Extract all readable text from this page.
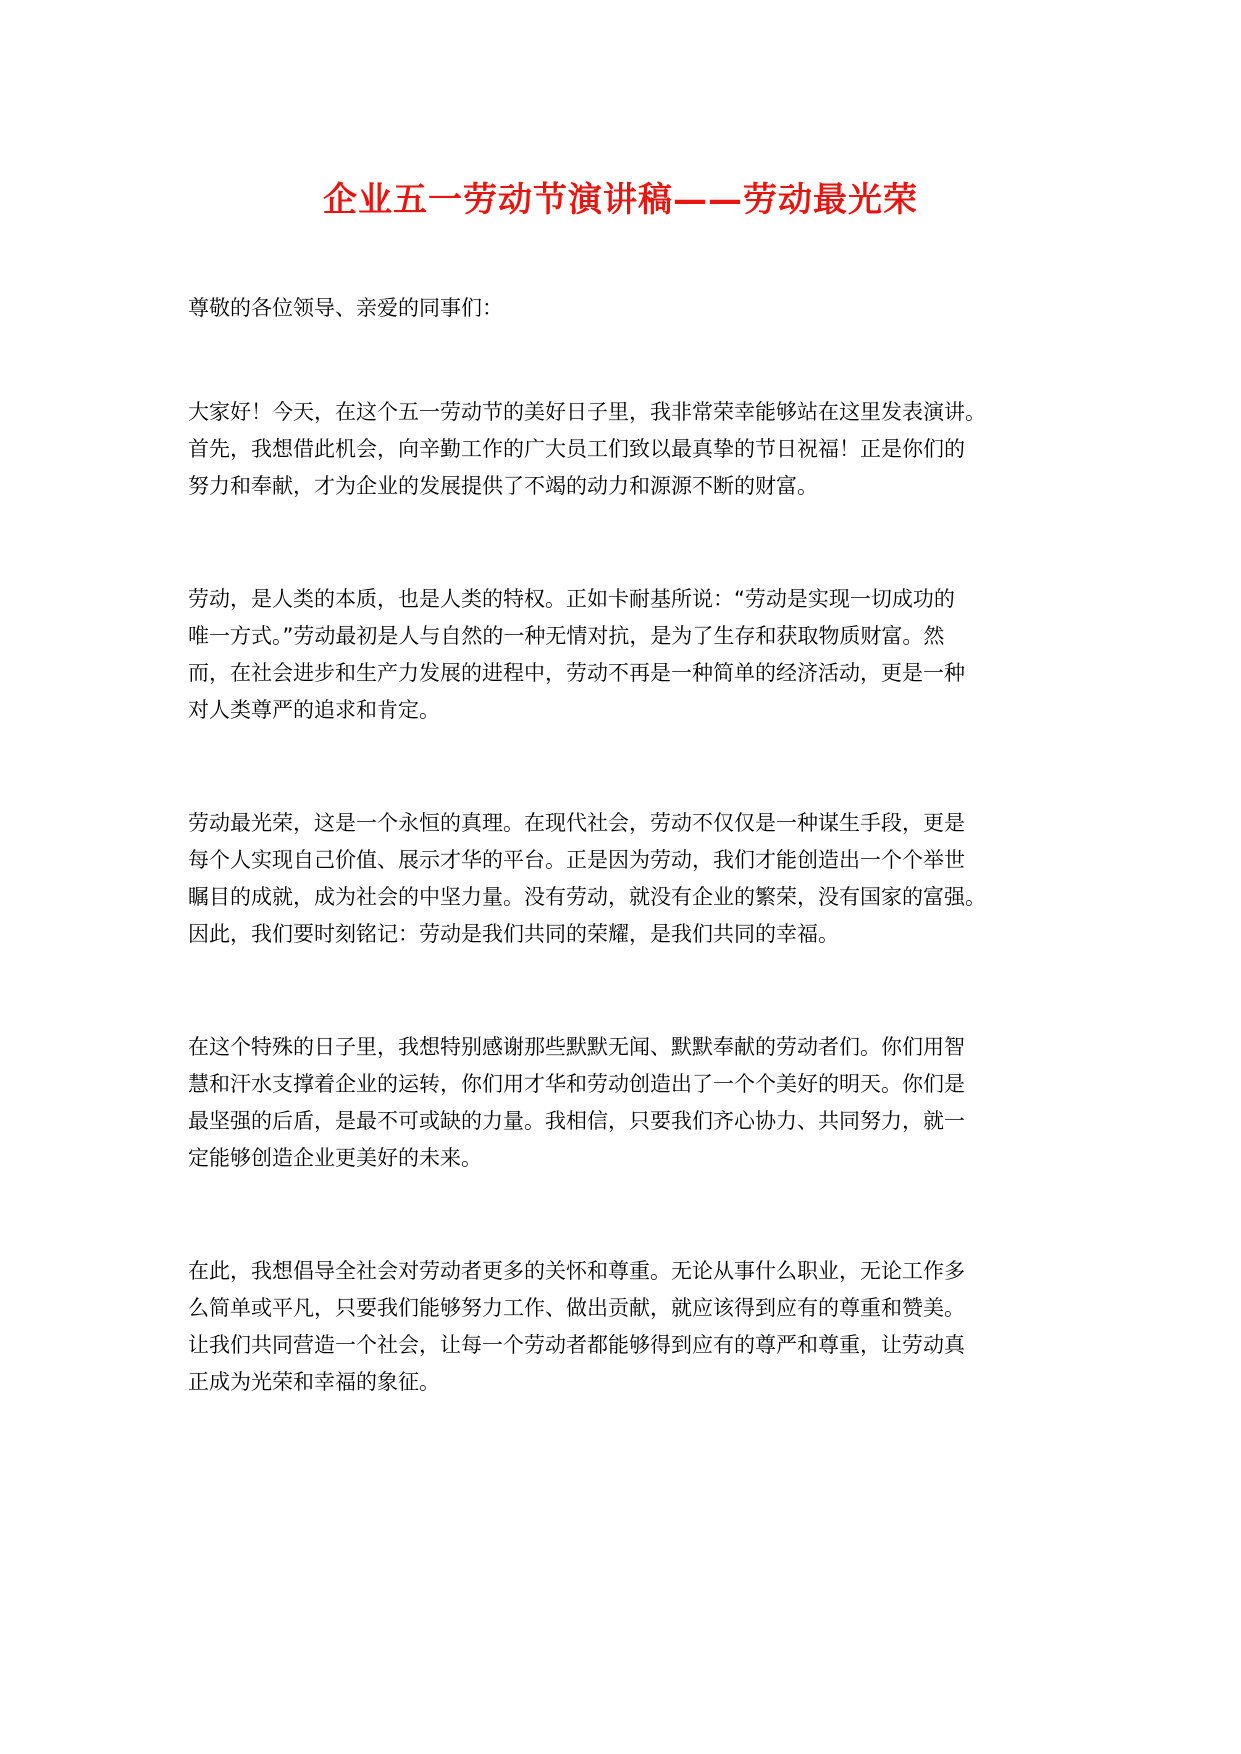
企业五一劳动节演讲稿——劳动最光荣

尊敬的各位领导、亲爱的同事们：

大家好！今天，在这个五一劳动节的美好日子里，我非常荣幸能够站在这里发表演讲。
首先，我想借此机会，向辛勤工作的广大员工们致以最真挚的节日祝福！正是你们的
努力和奉献，才为企业的发展提供了不竭的动力和源源不断的财富。

劳动，是人类的本质，也是人类的特权。正如卡耐基所说：“劳动是实现一切成功的
唯一方式。”劳动最初是人与自然的一种无情对抗，是为了生存和获取物质财富。然
而，在社会进步和生产力发展的进程中，劳动不再是一种简单的经济活动，更是一种
对人类尊严的追求和肯定。

劳动最光荣，这是一个永恒的真理。在现代社会，劳动不仅仅是一种谋生手段，更是
每个人实现自己价值、展示才华的平台。正是因为劳动，我们才能创造出一个个举世
瞩目的成就，成为社会的中坚力量。没有劳动，就没有企业的繁荣，没有国家的富强。
因此，我们要时刻铭记：劳动是我们共同的荣耀，是我们共同的幸福。

在这个特殊的日子里，我想特别感谢那些默默无闻、默默奉献的劳动者们。你们用智
慧和汗水支撑着企业的运转，你们用才华和劳动创造出了一个个美好的明天。你们是
最坚强的后盾，是最不可或缺的力量。我相信，只要我们齐心协力、共同努力，就一
定能够创造企业更美好的未来。

在此，我想倡导全社会对劳动者更多的关怀和尊重。无论从事什么职业，无论工作多
么简单或平凡，只要我们能够努力工作、做出贡献，就应该得到应有的尊重和赞美。
让我们共同营造一个社会，让每一个劳动者都能够得到应有的尊严和尊重，让劳动真
正成为光荣和幸福的象征。
